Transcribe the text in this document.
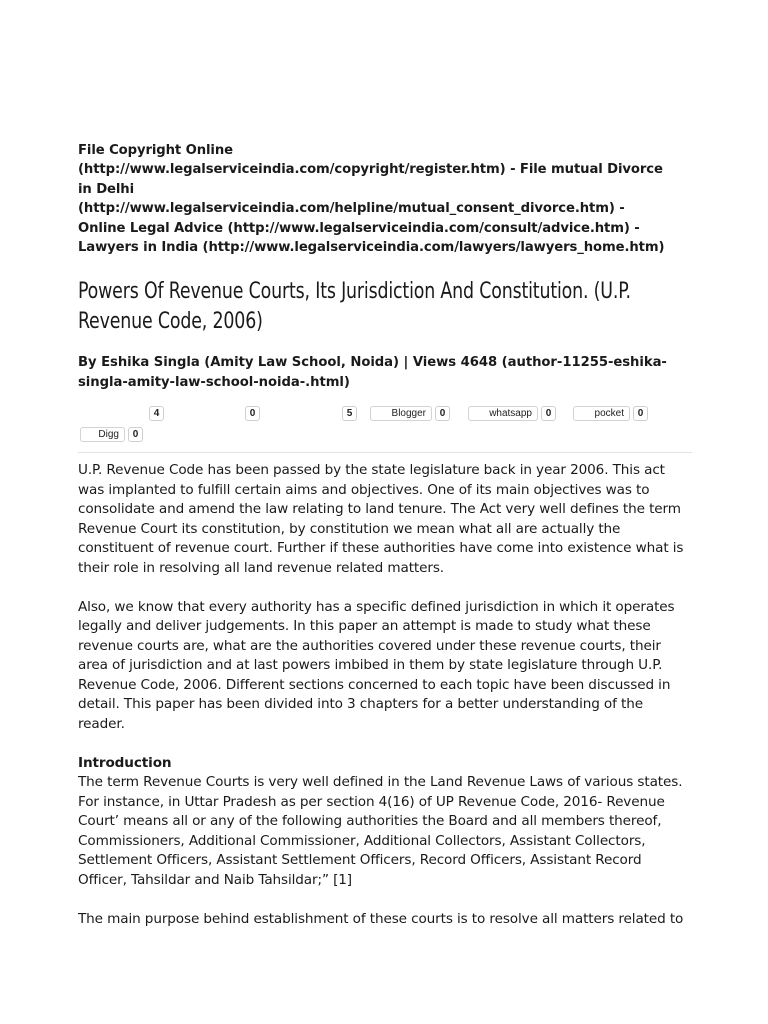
File Copyright Online

(http://www.legalserviceindia.com/copyright/register.htm) - File mutual Divorce

in Delhi

(http://www.legalserviceindia.com/helpline/mutual_consent_divorce.htm) -

Online Legal Advice (http://www.legalserviceindia.com/consult/advice.htm) -

Lawyers in India (http://www.legalserviceindia.com/lawyers/lawyers_home.htm)

Powers Of Revenue Courts, Its Jurisdiction And Constitution. (U.P. Revenue Code, 2006)
By Eshika Singla (Amity Law School, Noida) | Views 4648 (author-11255-eshika-singla-amity-law-school-noida-.html)
4	0	5	Blogger 0	whatsapp 0	pocket 0
Digg 0

U.P. Revenue Code has been passed by the state legislature back in year 2006. This act was implanted to fulfill certain aims and objectives. One of its main objectives was to consolidate and amend the law relating to land tenure. The Act very well defines the term Revenue Court its constitution, by constitution we mean what all are actually the constituent of revenue court. Further if these authorities have come into existence what is their role in resolving all land revenue related matters.

Also, we know that every authority has a specific defined jurisdiction in which it operates legally and deliver judgements. In this paper an attempt is made to study what these revenue courts are, what are the authorities covered under these revenue courts, their area of jurisdiction and at last powers imbibed in them by state legislature through U.P. Revenue Code, 2006. Different sections concerned to each topic have been discussed in detail. This paper has been divided into 3 chapters for a better understanding of the reader.

Introduction

The term Revenue Courts is very well defined in the Land Revenue Laws of various states. For instance, in Uttar Pradesh as per section 4(16) of UP Revenue Code, 2016- Revenue Court’ means all or any of the following authorities the Board and all members thereof, Commissioners, Additional Commissioner, Additional Collectors, Assistant Collectors, Settlement Officers, Assistant Settlement Officers, Record Officers, Assistant Record Officer, Tahsildar and Naib Tahsildar;” [1]

The main purpose behind establishment of these courts is to resolve all matters related to
